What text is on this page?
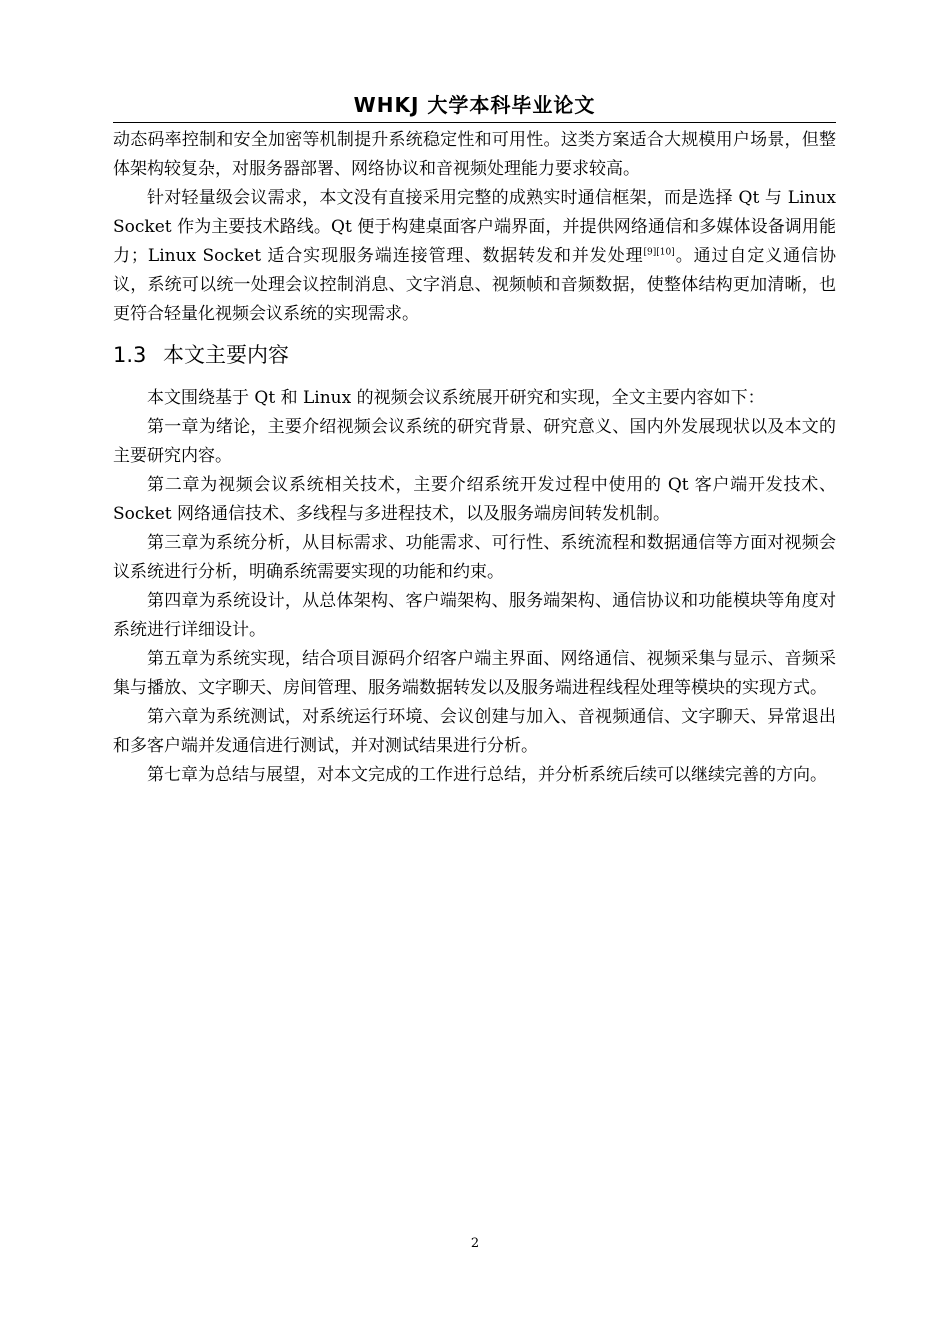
WHKJ 大学本科毕业论文

动态码率控制和安全加密等机制提升系统稳定性和可用性。这类方案适合大规模用户场景，但整体架构较复杂，对服务器部署、网络协议和音视频处理能力要求较高。

针对轻量级会议需求，本文没有直接采用完整的成熟实时通信框架，而是选择 Qt 与 Linux Socket 作为主要技术路线。Qt 便于构建桌面客户端界面，并提供网络通信和多媒体设备调用能力；Linux Socket 适合实现服务端连接管理、数据转发和并发处理[9][10]。通过自定义通信协议，系统可以统一处理会议控制消息、文字消息、视频帧和音频数据，使整体结构更加清晰，也更符合轻量化视频会议系统的实现需求。

1.3 本文主要内容

本文围绕基于 Qt 和 Linux 的视频会议系统展开研究和实现，全文主要内容如下：

第一章为绪论，主要介绍视频会议系统的研究背景、研究意义、国内外发展现状以及本文的主要研究内容。

第二章为视频会议系统相关技术，主要介绍系统开发过程中使用的 Qt 客户端开发技术、Socket 网络通信技术、多线程与多进程技术，以及服务端房间转发机制。

第三章为系统分析，从目标需求、功能需求、可行性、系统流程和数据通信等方面对视频会议系统进行分析，明确系统需要实现的功能和约束。

第四章为系统设计，从总体架构、客户端架构、服务端架构、通信协议和功能模块等角度对系统进行详细设计。

第五章为系统实现，结合项目源码介绍客户端主界面、网络通信、视频采集与显示、音频采集与播放、文字聊天、房间管理、服务端数据转发以及服务端进程线程处理等模块的实现方式。

第六章为系统测试，对系统运行环境、会议创建与加入、音视频通信、文字聊天、异常退出和多客户端并发通信进行测试，并对测试结果进行分析。

第七章为总结与展望，对本文完成的工作进行总结，并分析系统后续可以继续完善的方向。

2
